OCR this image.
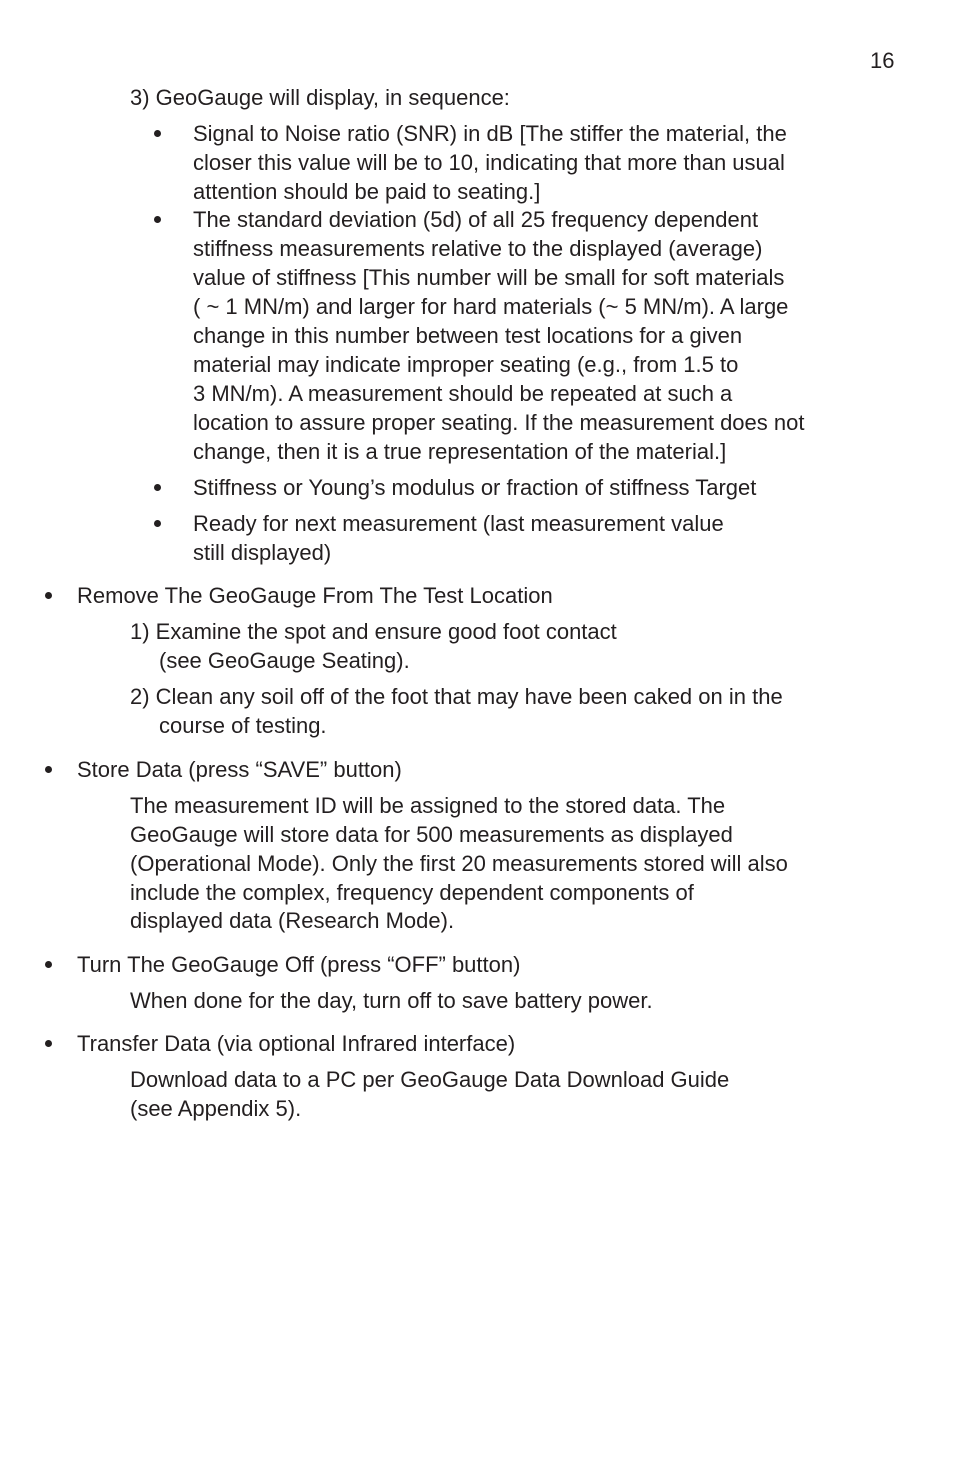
16
3) GeoGauge will display, in sequence:
Signal to Noise ratio (SNR) in dB [The stiffer the material, the
closer this value will be to 10, indicating that more than usual
attention should be paid to seating.]
The standard deviation (5d) of all 25 frequency dependent
stiffness measurements relative to the displayed (average)
value of stiffness [This number will be small for soft materials
( ~ 1 MN/m) and larger for hard materials (~ 5 MN/m). A large
change in this number between test locations for a given
material may indicate improper seating (e.g., from 1.5 to
3 MN/m). A measurement should be repeated at such a
location to assure proper seating. If the measurement does not
change, then it is a true representation of the material.]
Stiffness or Young’s modulus or fraction of stiffness Target
Ready for next measurement (last measurement value
still displayed)
Remove The GeoGauge From The Test Location
1) Examine the spot and ensure good foot contact
(see GeoGauge Seating).
2) Clean any soil off of the foot that may have been caked on in the
course of testing.
Store Data (press “SAVE” button)
The measurement ID will be assigned to the stored data. The
GeoGauge will store data for 500 measurements as displayed
(Operational Mode). Only the first 20 measurements stored will also
include the complex, frequency dependent components of
displayed data (Research Mode).
Turn The GeoGauge Off (press “OFF” button)
When done for the day, turn off to save battery power.
Transfer Data (via optional Infrared interface)
Download data to a PC per GeoGauge Data Download Guide
(see Appendix 5).
